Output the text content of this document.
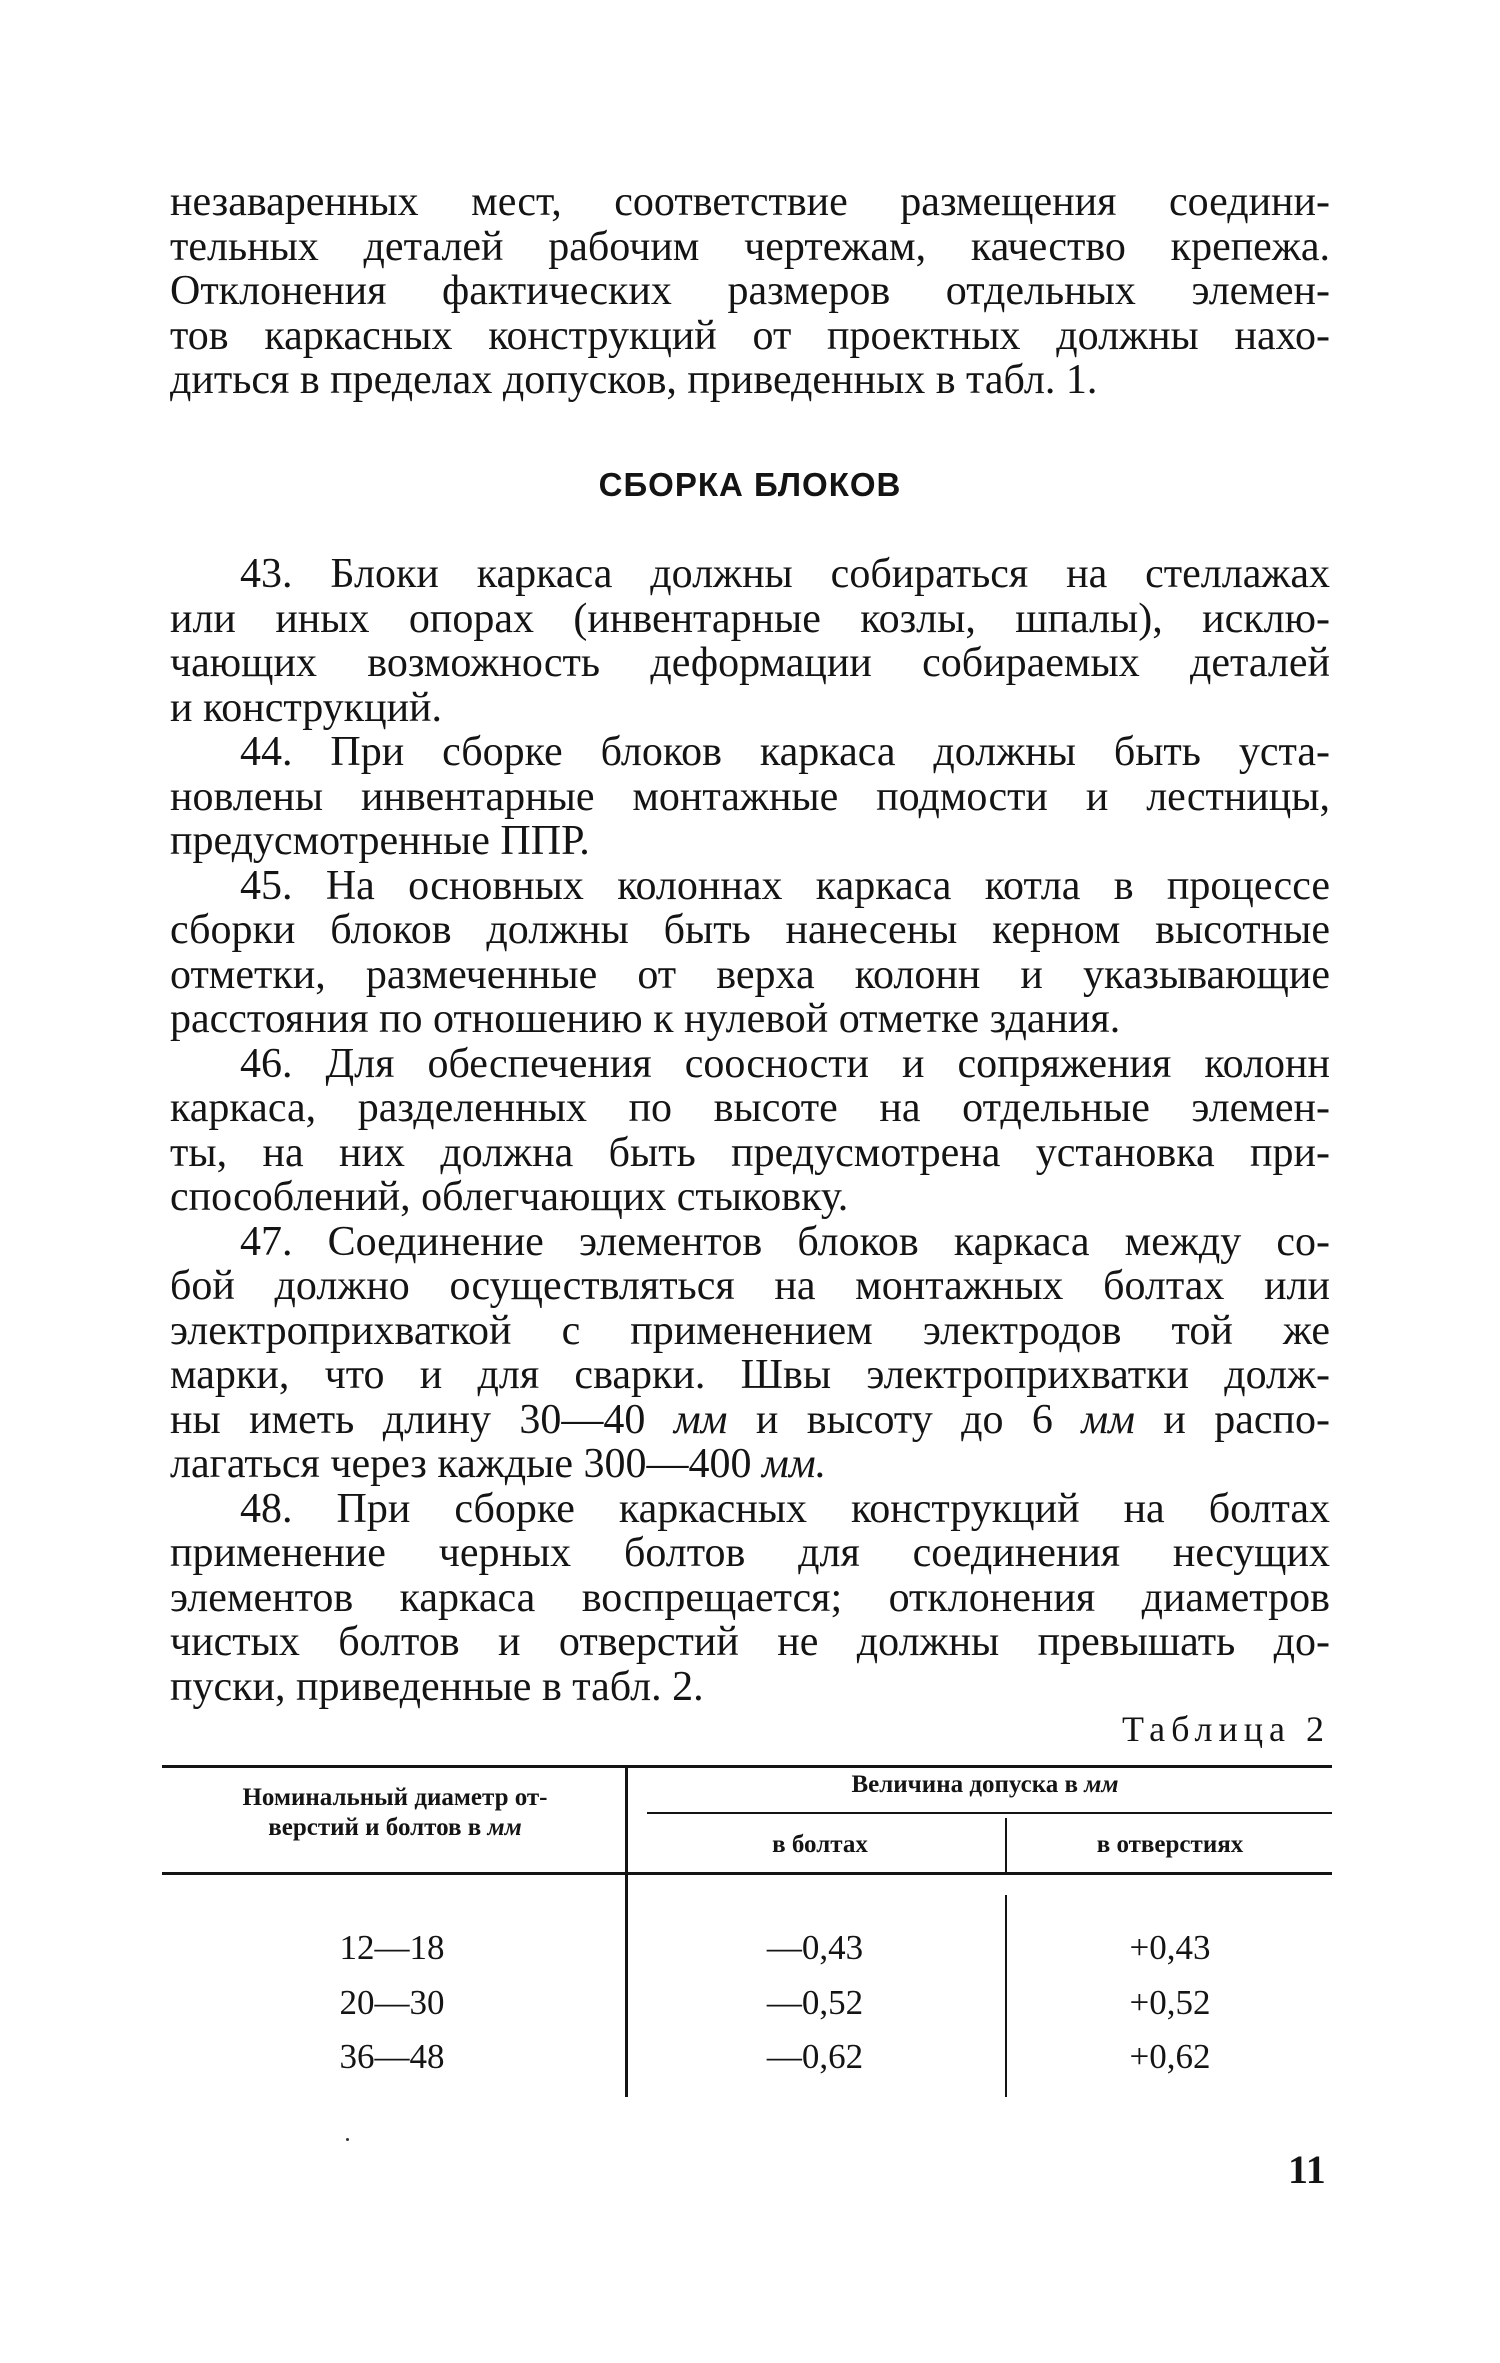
незаваренных мест, соответствие размещения соедини-
тельных деталей рабочим чертежам, качество крепежа.
Отклонения фактических размеров отдельных элемен-
тов каркасных конструкций от проектных должны нахо-
диться в пределах допусков, приведенных в табл. 1.
СБОРКА БЛОКОВ
43. Блоки каркаса должны собираться на стеллажах
или иных опорах (инвентарные козлы, шпалы), исклю-
чающих возможность деформации собираемых деталей
и конструкций.
44. При сборке блоков каркаса должны быть уста-
новлены инвентарные монтажные подмости и лестницы,
предусмотренные ППР.
45. На основных колоннах каркаса котла в процессе
сборки блоков должны быть нанесены керном высотные
отметки, размеченные от верха колонн и указывающие
расстояния по отношению к нулевой отметке здания.
46. Для обеспечения соосности и сопряжения колонн
каркаса, разделенных по высоте на отдельные элемен-
ты, на них должна быть предусмотрена установка при-
способлений, облегчающих стыковку.
47. Соединение элементов блоков каркаса между со-
бой должно осуществляться на монтажных болтах или
электроприхваткой с применением электродов той же
марки, что и для сварки. Швы электроприхватки долж-
ны иметь длину 30—40 мм и высоту до 6 мм и распо-
лагаться через каждые 300—400 мм.
48. При сборке каркасных конструкций на болтах
применение черных болтов для соединения несущих
элементов каркаса воспрещается; отклонения диаметров
чистых болтов и отверстий не должны превышать до-
пуски, приведенные в табл. 2.
Таблица 2
Номинальный диаметр от-
верстий и болтов в мм
Величина допуска в мм
в болтах	в отверстиях
12—18	—0,43	+0,43
20—30	—0,52	+0,52
36—48	—0,62	+0,62
11
